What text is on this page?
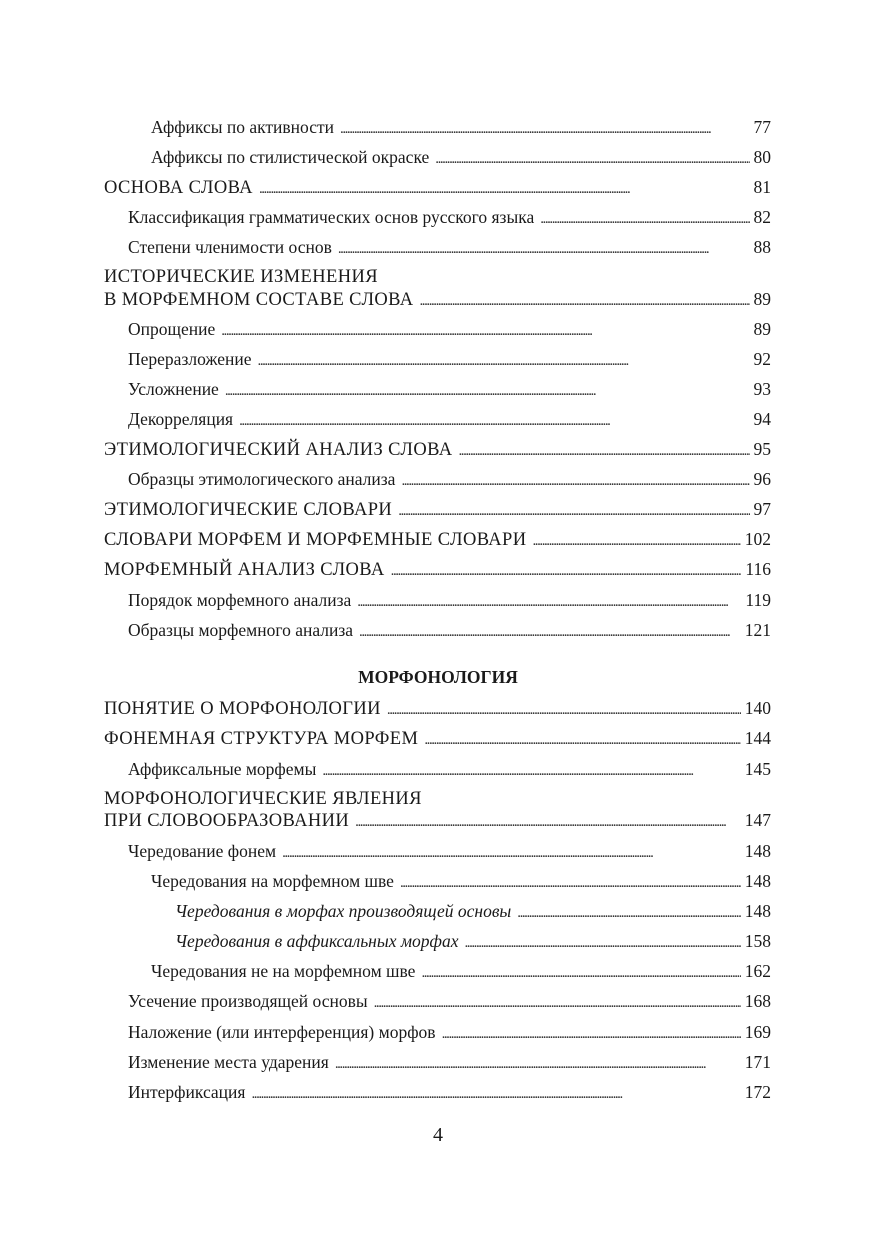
Аффиксы по активности . . .	77
Аффиксы по стилистической окраске . . .	80
ОСНОВА СЛОВА . . .	81
Классификация грамматических основ русского языка . . .	82
Степени членимости основ . . .	88
ИСТОРИЧЕСКИЕ ИЗМЕНЕНИЯ
В МОРФЕМНОМ СОСТАВЕ СЛОВА . . .	89
Опрощение . . .	89
Переразложение . . .	92
Усложнение . . .	93
Декорреляция . . .	94
ЭТИМОЛОГИЧЕСКИЙ АНАЛИЗ СЛОВА . . .	95
Образцы этимологического анализа . . .	96
ЭТИМОЛОГИЧЕСКИЕ СЛОВАРИ . . .	97
СЛОВАРИ МОРФЕМ И МОРФЕМНЫЕ СЛОВАРИ . . .	102
МОРФЕМНЫЙ АНАЛИЗ СЛОВА . . .	116
Порядок морфемного анализа . . .	119
Образцы морфемного анализа . . .	121
МОРФОНОЛОГИЯ
ПОНЯТИЕ О МОРФОНОЛОГИИ . . .	140
ФОНЕМНАЯ СТРУКТУРА МОРФЕМ . . .	144
Аффиксальные морфемы . . .	145
МОРФОНОЛОГИЧЕСКИЕ ЯВЛЕНИЯ
ПРИ СЛОВООБРАЗОВАНИИ . . .	147
Чередование фонем . . .	148
Чередования на морфемном шве . . .	148
Чередования в морфах производящей основы . . .	148
Чередования в аффиксальных морфах . . .	158
Чередования не на морфемном шве . . .	162
Усечение производящей основы . . .	168
Наложение (или интерференция) морфов . . .	169
Изменение места ударения . . .	171
Интерфиксация . . .	172
4
